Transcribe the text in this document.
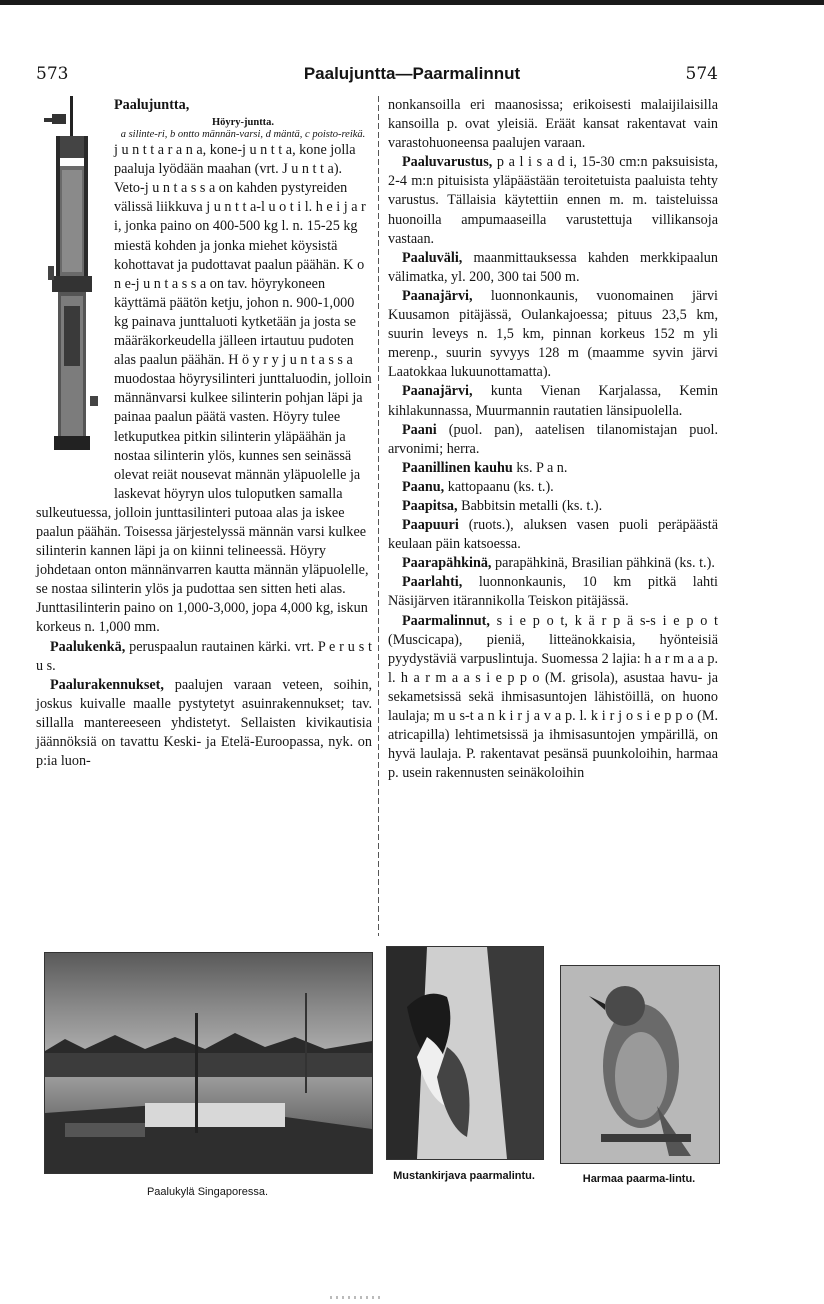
573	Paalujuntta—Paarmalinnut	574

Paalujuntta,

Höyry-juntta.
a silinte-ri, b ontto männän-varsi, d mäntä, c poisto-reikä.
j u n t t a r a n a, kone-j u n t t a, kone jolla paaluja lyödään maahan (vrt. J u n t t a). Veto-j u n t a s s a on kahden pystyreiden välissä liikkuva j u n t t a-l u o t i l. h e i j a r i, jonka paino on 400-500 kg l. n. 15-25 kg miestä kohden ja jonka miehet köysistä kohottavat ja pudottavat paalun päähän. K o n e-j u n t a s s a on tav. höyrykoneen käyttämä päätön ketju, johon n. 900-1,000 kg painava junttaluoti kytketään ja josta se määräkorkeudella jälleen irtautuu pudoten alas paalun päähän. H ö y r y j u n t a s s a muodostaa höyrysilinteri junttaluodin, jolloin männänvarsi kulkee silinterin pohjan läpi ja painaa paalun päätä vasten. Höyry tulee letkuputkea pitkin silinterin yläpäähän ja nostaa silinterin ylös, kunnes sen seinässä olevat reiät nousevat männän yläpuolelle ja laskevat höyryn ulos tuloputken samalla sulkeutuessa, jolloin junttasilinteri putoaa alas ja iskee paalun päähän. Toisessa järjestelyssä männän varsi kulkee silinterin kannen läpi ja on kiinni telineessä. Höyry johdetaan onton männänvarren kautta männän yläpuolelle, se nostaa silinterin ylös ja pudottaa sen sitten heti alas. Junttasilinterin paino on 1,000-3,000, jopa 4,000 kg, iskun korkeus n. 1,000 mm.

Paalukenkä, peruspaalun rautainen kärki. vrt. P e r u s t u s.

Paalurakennukset, paalujen varaan veteen, soihin, joskus kuivalle maalle pystytetyt asuinrakennukset; tav. sillalla mantereeseen yhdistetyt. Sellaisten kivikautisia jäännöksiä on tavattu Keski- ja Etelä-Euroopassa, nyk. on p:ia luon-

nonkansoilla eri maanosissa; erikoisesti malaijilaisilla kansoilla p. ovat yleisiä. Eräät kansat rakentavat vain varastohuoneensa paalujen varaan.

Paaluvarustus, p a l i s a d i, 15-30 cm:n paksuisista, 2-4 m:n pituisista yläpäästään teroitetuista paaluista tehty varustus. Tällaisia käytettiin ennen m. m. taisteluissa huonoilla ampumaaseilla varustettuja villikansoja vastaan.

Paaluväli, maanmittauksessa kahden merkkipaalun välimatka, yl. 200, 300 tai 500 m.

Paanajärvi, luonnonkaunis, vuonomainen järvi Kuusamon pitäjässä, Oulankajoessa; pituus 23,5 km, suurin leveys n. 1,5 km, pinnan korkeus 152 m yli merenp., suurin syvyys 128 m (maamme syvin järvi Laatokkaa lukuunottamatta).

Paanajärvi, kunta Vienan Karjalassa, Kemin kihlakunnassa, Muurmannin rautatien länsipuolella.

Paani (puol. pan), aatelisen tilanomistajan puol. arvonimi; herra.

Paanillinen kauhu ks. P a n.

Paanu, kattopaanu (ks. t.).

Paapitsa, Babbitsin metalli (ks. t.).

Paapuuri (ruots.), aluksen vasen puoli peräpäästä keulaan päin katsoessa.

Paarapähkinä, parapähkinä, Brasilian pähkinä (ks. t.).

Paarlahti, luonnonkaunis, 10 km pitkä lahti Näsijärven itärannikolla Teiskon pitäjässä.

Paarmalinnut, s i e p o t, k ä r p ä s-s i e p o t (Muscicapa), pieniä, litteänokkaisia, hyönteisiä pyydystäviä varpuslintuja. Suomessa 2 lajia: h a r m a a p. l. h a r m a a s i e p p o (M. grisola), asustaa havu- ja sekametsissä sekä ihmisasuntojen lähistöillä, on huono laulaja; m u s-t a n k i r j a v a p. l. k i r j o s i e p p o (M. atricapilla) lehtimetsissä ja ihmisasuntojen ympärillä, on hyvä laulaja. P. rakentavat pesänsä puunkoloihin, harmaa p. usein rakennusten seinäkoloihin

Paalukylä Singaporessa.
Mustankirjava paarmalintu.	Harmaa paarma-lintu.
